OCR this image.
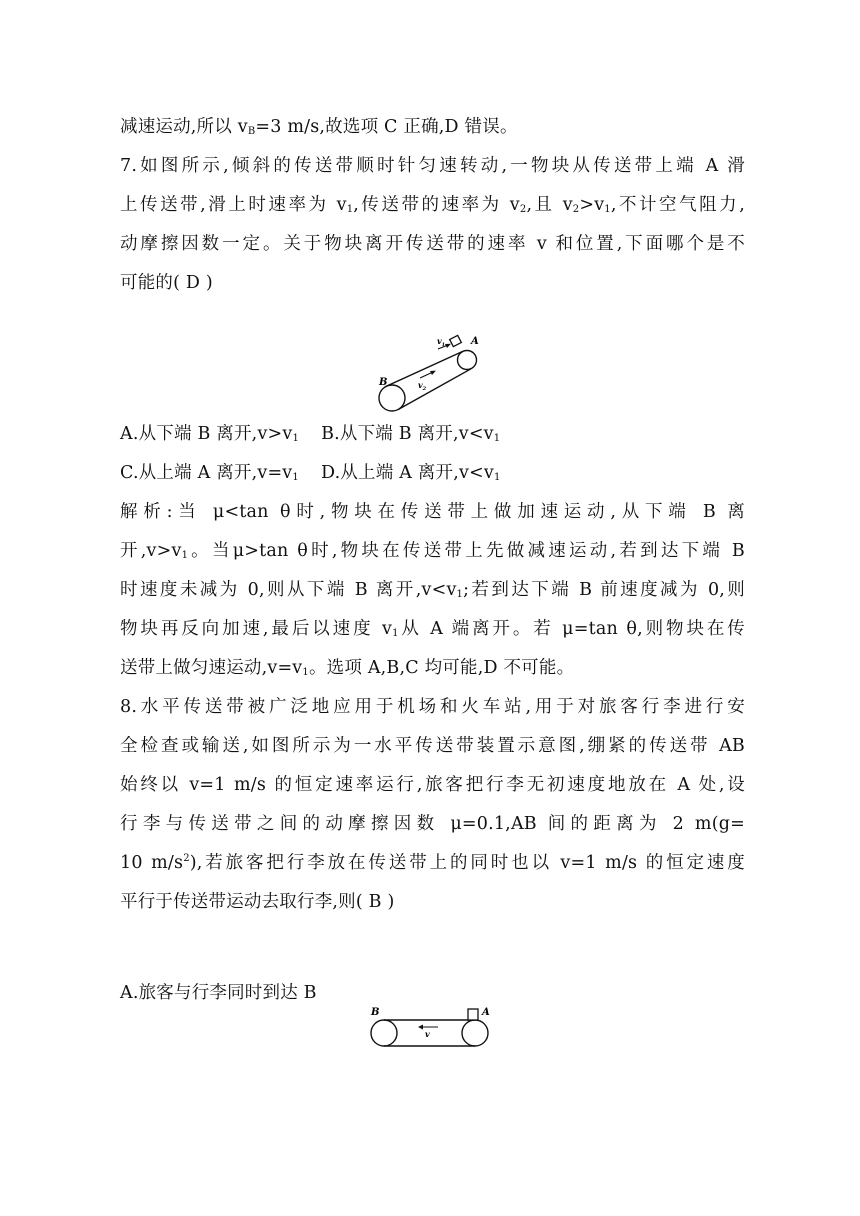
减速运动,所以 $v_B=3$ m/s,故选项 C 正确,D 错误。
7.如图所示,倾斜的传送带顺时针匀速转动,一物块从传送带上端 A 滑
上传送带,滑上时速率为 $v_1$,传送带的速率为 $v_2$,且 $v_2>v_1$,不计空气阻力,
动摩擦因数一定。关于物块离开传送带的速率 v 和位置,下面哪个是不
可能的( D )
A.从下端 B 离开$,v>v_1$ B.从下端 B 离开$,v<v_1$
C.从上端 A 离开$,v=v_1$ D.从上端 A 离开$,v<v_1$
解析:当 μ<tan θ时,物块在传送带上做加速运动,从下端 B 离
开$,v>v_1$。当μ>tan θ时,物块在传送带上先做减速运动,若到达下端 B
时速度未减为 0,则从下端 B 离开$,v<v_1$;若到达下端 B 前速度减为 0,则
物块再反向加速,最后以速度 $v_1$从 A 端离开。若 μ=tan θ,则物块在传
送带上做匀速运动$,v=v_1$。选项 A,B,C 均可能,D 不可能。
8.水平传送带被广泛地应用于机场和火车站,用于对旅客行李进行安
全检查或输送,如图所示为一水平传送带装置示意图,绷紧的传送带 AB
始终以 v=1 m/s 的恒定速率运行,旅客把行李无初速度地放在 A 处,设
行李与传送带之间的动摩擦因数 μ=0.1,AB 间的距离为 2 m(g=
10 $m/s^2$),若旅客把行李放在传送带上的同时也以 v=1 m/s 的恒定速度
平行于传送带运动去取行李,则( B )
A.旅客与行李同时到达 B
B
A
$v_2$
$v_1$
B	A
v
